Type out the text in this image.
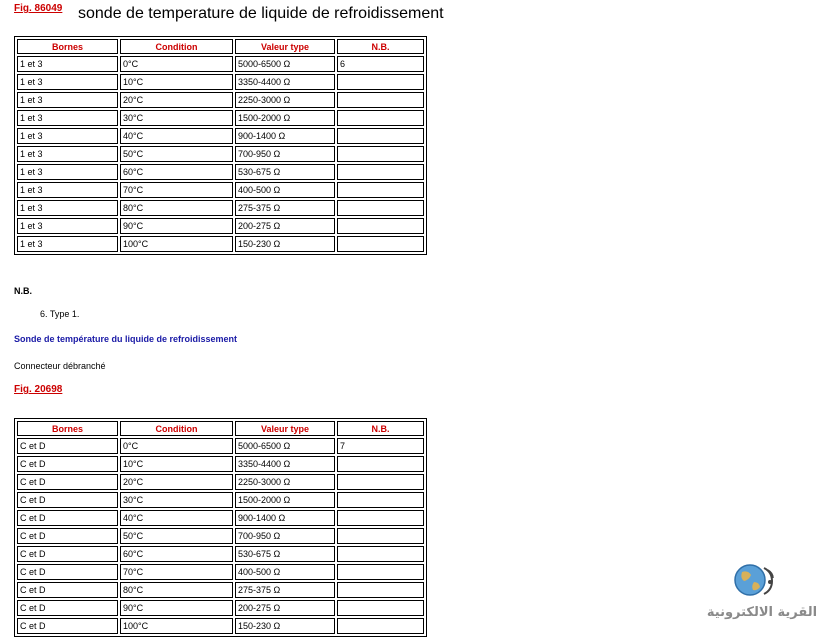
Fig. 86049 sonde de temperature de liquide de refroidissement
Bornes	Condition	Valeur type	N.B.
1 et 3	0°C	5000-6500 Ω	6
1 et 3	10°C	3350-4400 Ω	
1 et 3	20°C	2250-3000 Ω	
1 et 3	30°C	1500-2000 Ω	
1 et 3	40°C	900-1400 Ω	
1 et 3	50°C	700-950 Ω	
1 et 3	60°C	530-675 Ω	
1 et 3	70°C	400-500 Ω	
1 et 3	80°C	275-375 Ω	
1 et 3	90°C	200-275 Ω	
1 et 3	100°C	150-230 Ω	

N.B.

6. Type 1.

Sonde de température du liquide de refroidissement

Connecteur débranché

Fig. 20698
Bornes	Condition	Valeur type	N.B.
C et D	0°C	5000-6500 Ω	7
C et D	10°C	3350-4400 Ω	
C et D	20°C	2250-3000 Ω	
C et D	30°C	1500-2000 Ω	
C et D	40°C	900-1400 Ω	
C et D	50°C	700-950 Ω	
C et D	60°C	530-675 Ω	
C et D	70°C	400-500 Ω	
C et D	80°C	275-375 Ω	
C et D	90°C	200-275 Ω	
C et D	100°C	150-230 Ω	
القرية الالكترونية
